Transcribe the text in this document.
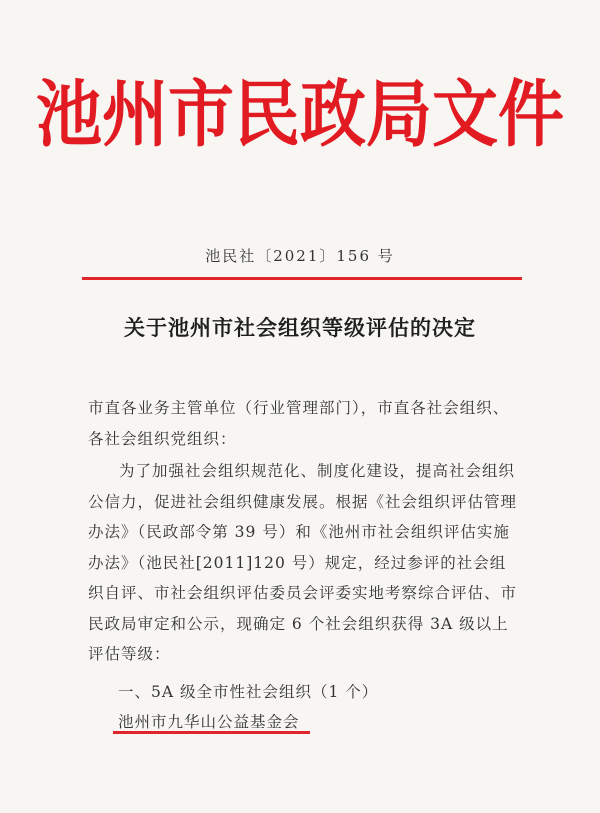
池州市民政局文件
池民社〔2021〕156 号
关于池州市社会组织等级评估的决定

市直各业务主管单位（行业管理部门），市直各社会组织、各社会组织党组织：

为了加强社会组织规范化、制度化建设，提高社会组织公信力，促进社会组织健康发展。根据《社会组织评估管理办法》（民政部令第 39 号）和《池州市社会组织评估实施办法》（池民社[2011]120 号）规定，经过参评的社会组织自评、市社会组织评估委员会评委实地考察综合评估、市民政局审定和公示，现确定 6 个社会组织获得 3A 级以上评估等级：

一、5A 级全市性社会组织（1 个）

池州市九华山公益基金会
